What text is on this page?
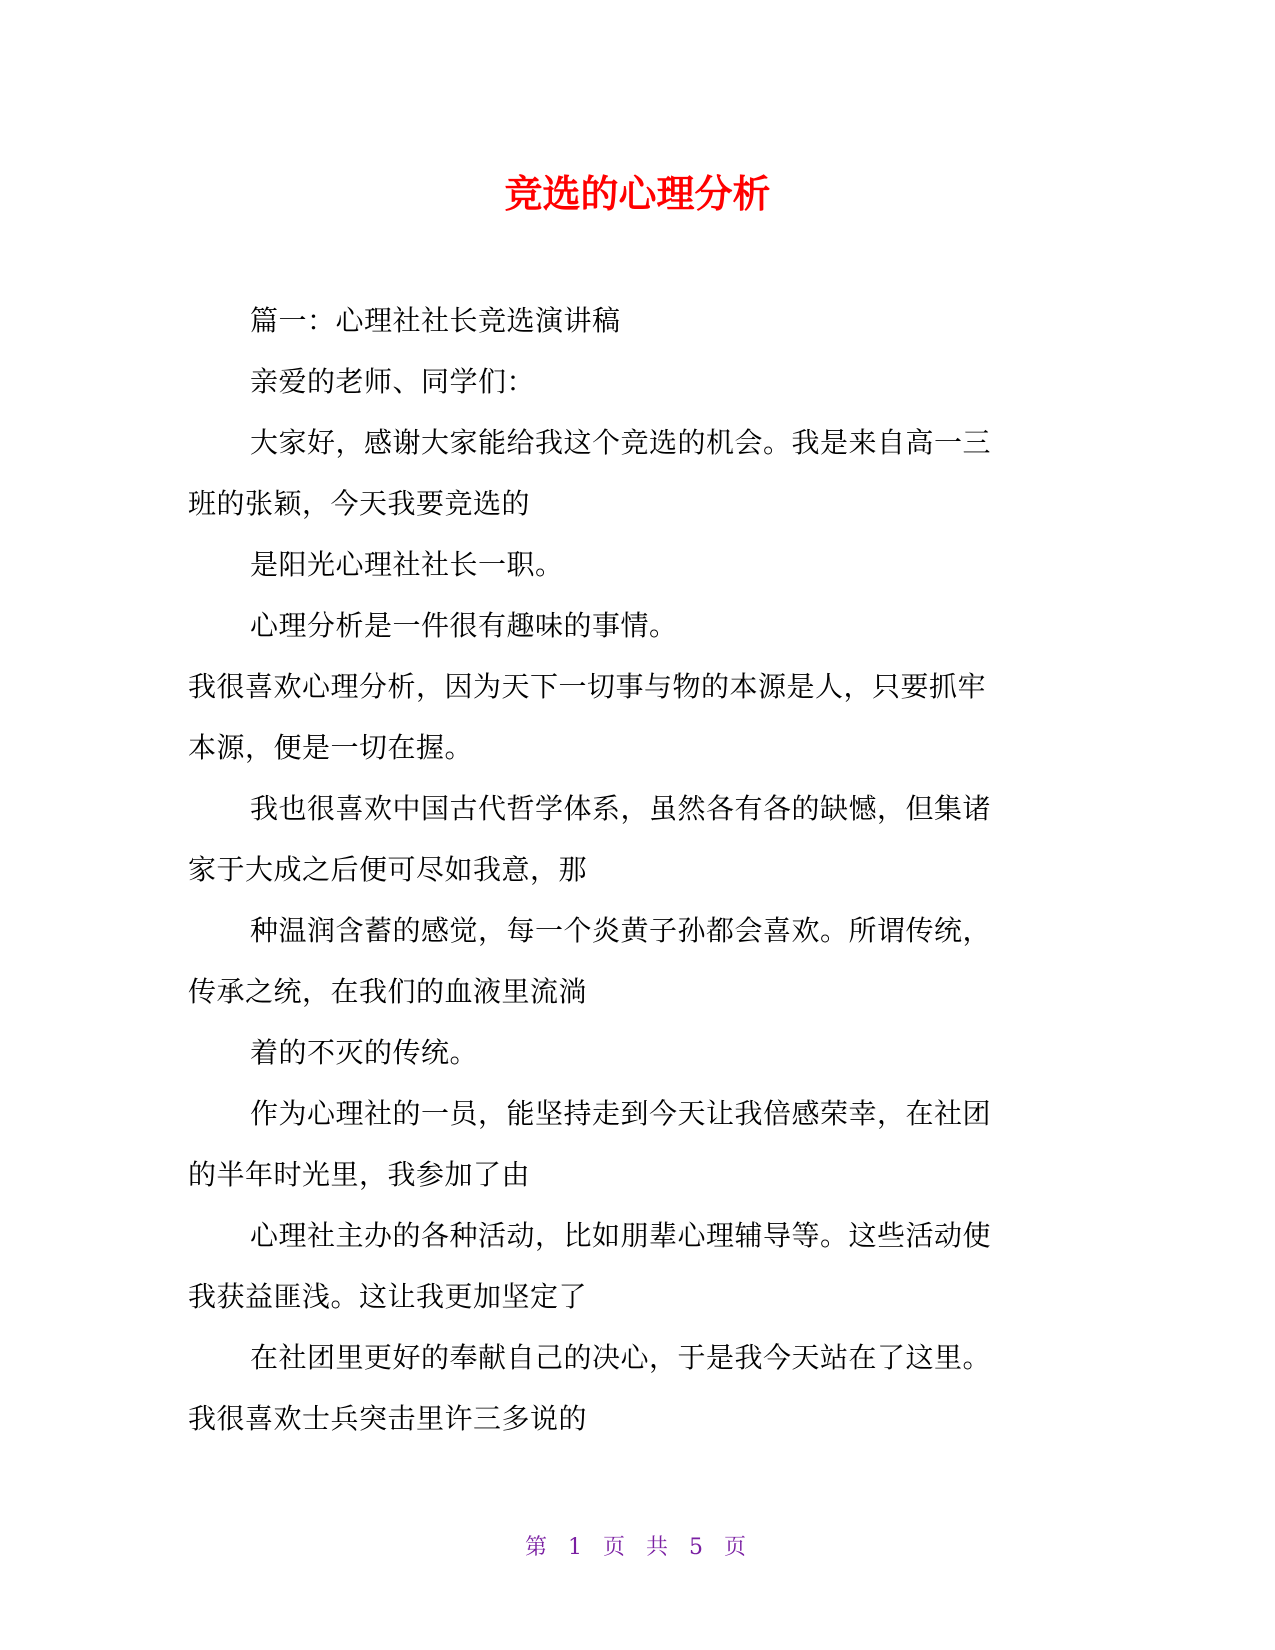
竞选的心理分析

篇一：心理社社长竞选演讲稿

亲爱的老师、同学们：

大家好，感谢大家能给我这个竞选的机会。我是来自高一三
班的张颖，今天我要竞选的

是阳光心理社社长一职。

心理分析是一件很有趣味的事情。

我很喜欢心理分析，因为天下一切事与物的本源是人，只要抓牢
本源，便是一切在握。

我也很喜欢中国古代哲学体系，虽然各有各的缺憾，但集诸
家于大成之后便可尽如我意，那

种温润含蓄的感觉，每一个炎黄子孙都会喜欢。所谓传统，
传承之统，在我们的血液里流淌

着的不灭的传统。

作为心理社的一员，能坚持走到今天让我倍感荣幸，在社团
的半年时光里，我参加了由

心理社主办的各种活动，比如朋辈心理辅导等。这些活动使
我获益匪浅。这让我更加坚定了

在社团里更好的奉献自己的决心，于是我今天站在了这里。
我很喜欢士兵突击里许三多说的

第 1 页 共 5 页
